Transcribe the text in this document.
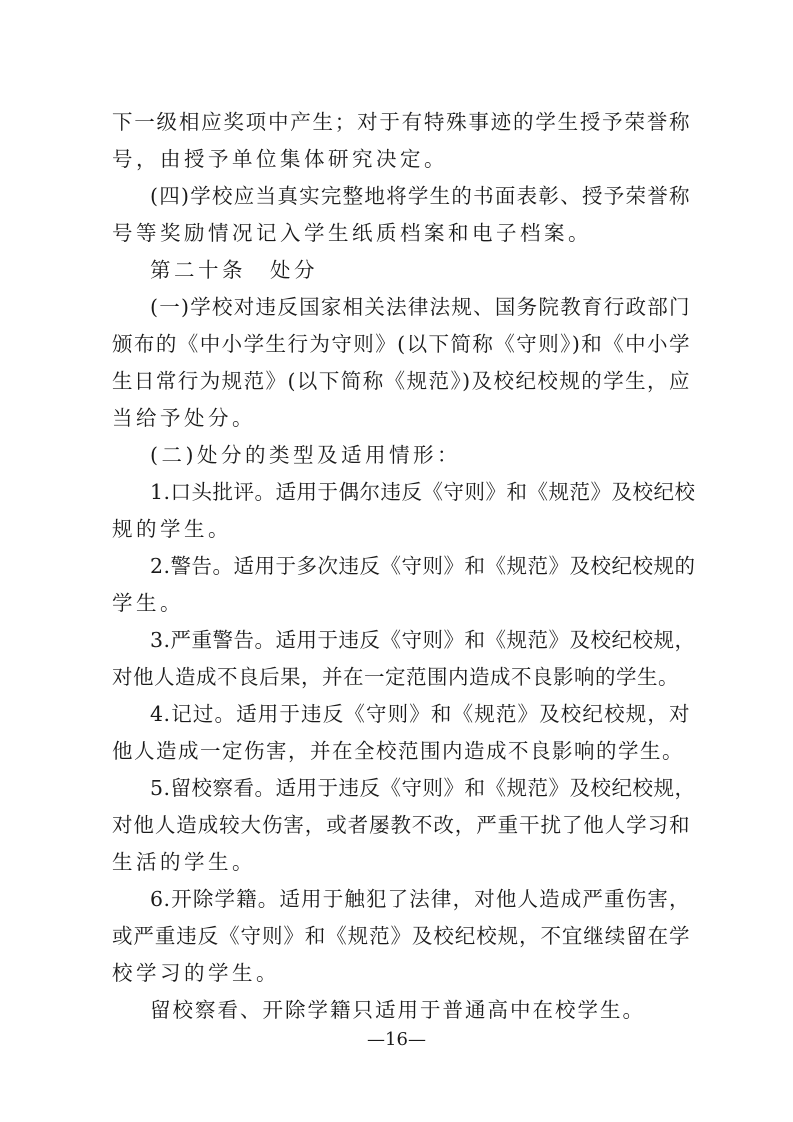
下一级相应奖项中产生；对于有特殊事迹的学生授予荣誉称
号，由授予单位集体研究决定。
(四)学校应当真实完整地将学生的书面表彰、授予荣誉称
号等奖励情况记入学生纸质档案和电子档案。
第二十条　处分
(一)学校对违反国家相关法律法规、国务院教育行政部门
颁布的《中小学生行为守则》(以下简称《守则》)和《中小学
生日常行为规范》(以下简称《规范》)及校纪校规的学生，应
当给予处分。
(二)处分的类型及适用情形：
1.口头批评。适用于偶尔违反《守则》和《规范》及校纪校
规的学生。
2.警告。适用于多次违反《守则》和《规范》及校纪校规的
学生。
3.严重警告。适用于违反《守则》和《规范》及校纪校规，
对他人造成不良后果，并在一定范围内造成不良影响的学生。
4.记过。适用于违反《守则》和《规范》及校纪校规，对
他人造成一定伤害，并在全校范围内造成不良影响的学生。
5.留校察看。适用于违反《守则》和《规范》及校纪校规，
对他人造成较大伤害，或者屡教不改，严重干扰了他人学习和
生活的学生。
6.开除学籍。适用于触犯了法律，对他人造成严重伤害，
或严重违反《守则》和《规范》及校纪校规，不宜继续留在学
校学习的学生。
留校察看、开除学籍只适用于普通高中在校学生。
—16—
